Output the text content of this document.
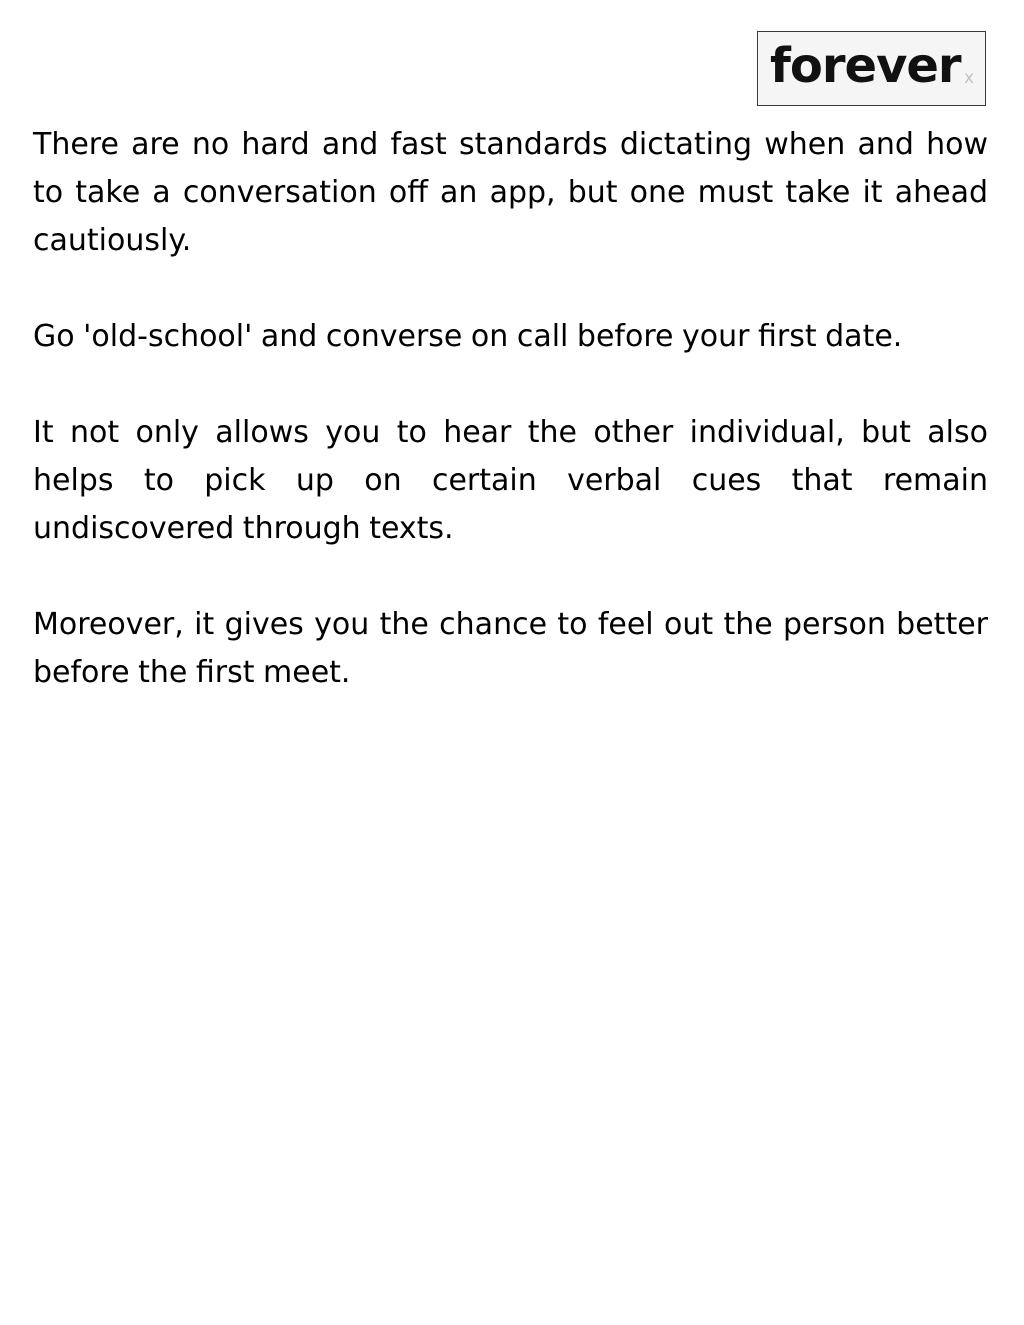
forever x

There are no hard and fast standards dictating when and how to take a conversation off an app, but one must take it ahead cautiously.

Go 'old-school' and converse on call before your first date.

It not only allows you to hear the other individual, but also helps to pick up on certain verbal cues that remain undiscovered through texts.

Moreover, it gives you the chance to feel out the person better before the first meet.
